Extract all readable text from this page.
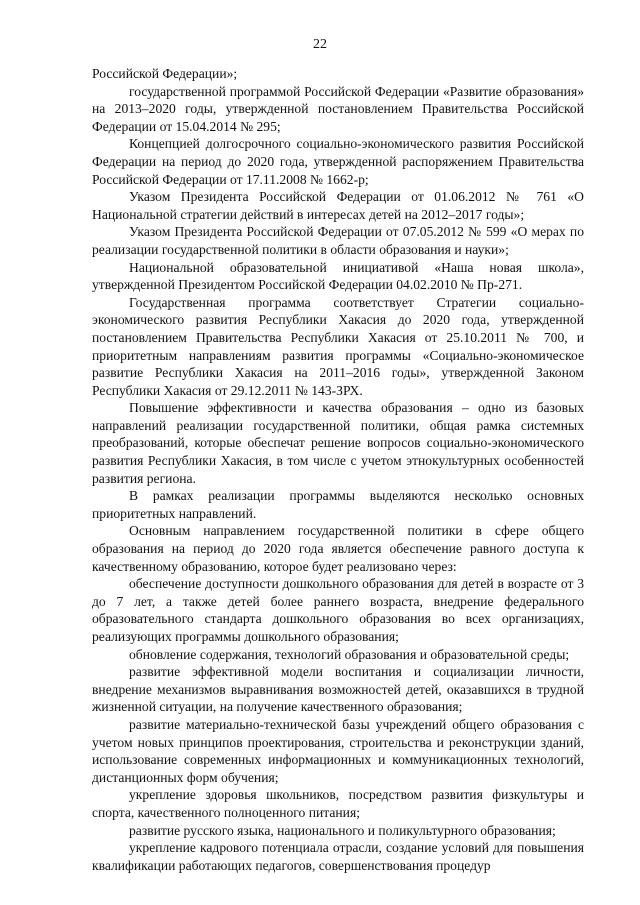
22

Российской Федерации»;

государственной программой Российской Федерации «Развитие образования» на 2013–2020 годы, утвержденной постановлением Правительства Российской Федерации от 15.04.2014 № 295;

Концепцией долгосрочного социально-экономического развития Российской Федерации на период до 2020 года, утвержденной распоряжением Правительства Российской Федерации от 17.11.2008 № 1662-р;

Указом Президента Российской Федерации от 01.06.2012 № 761 «О Национальной стратегии действий в интересах детей на 2012–2017 годы»;

Указом Президента Российской Федерации от 07.05.2012 № 599 «О мерах по реализации государственной политики в области образования и науки»;

Национальной образовательной инициативой «Наша новая школа», утвержденной Президентом Российской Федерации 04.02.2010 № Пр-271.

Государственная программа соответствует Стратегии социально-экономического развития Республики Хакасия до 2020 года, утвержденной постановлением Правительства Республики Хакасия от 25.10.2011 № 700, и приоритетным направлениям развития программы «Социально-экономическое развитие Республики Хакасия на 2011–2016 годы», утвержденной Законом Республики Хакасия от 29.12.2011 № 143-ЗРХ.

Повышение эффективности и качества образования – одно из базовых направлений реализации государственной политики, общая рамка системных преобразований, которые обеспечат решение вопросов социально-экономического развития Республики Хакасия, в том числе с учетом этнокультурных особенностей развития региона.

В рамках реализации программы выделяются несколько основных приоритетных направлений.

Основным направлением государственной политики в сфере общего образования на период до 2020 года является обеспечение равного доступа к качественному образованию, которое будет реализовано через:

обеспечение доступности дошкольного образования для детей в возрасте от 3 до 7 лет, а также детей более раннего возраста, внедрение федерального образовательного стандарта дошкольного образования во всех организациях, реализующих программы дошкольного образования;

обновление содержания, технологий образования и образовательной среды;

развитие эффективной модели воспитания и социализации личности, внедрение механизмов выравнивания возможностей детей, оказавшихся в трудной жизненной ситуации, на получение качественного образования;

развитие материально-технической базы учреждений общего образования с учетом новых принципов проектирования, строительства и реконструкции зданий, использование современных информационных и коммуникационных технологий, дистанционных форм обучения;

укрепление здоровья школьников, посредством развития физкультуры и спорта, качественного полноценного питания;

развитие русского языка, национального и поликультурного образования;

укрепление кадрового потенциала отрасли, создание условий для повышения квалификации работающих педагогов, совершенствования процедур
